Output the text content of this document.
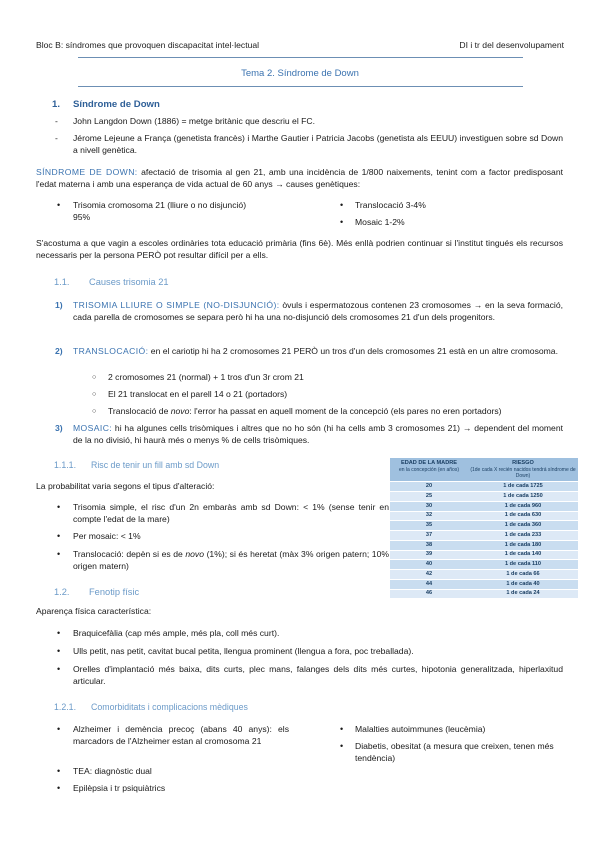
Bloc B: síndromes que provoquen discapacitat intel·lectual	DI i tr del desenvolupament
Tema 2. Síndrome de Down
1. Síndrome de Down
- John Langdon Down (1886) = metge britànic que descriu el FC.
- Jérome Lejeune a França (genetista francès) i Marthe Gautier i Patricia Jacobs (genetista als EEUU) investiguen sobre sd Down a nivell genètica.
SÍNDROME DE DOWN: afectació de trisomia al gen 21, amb una incidència de 1/800 naixements, tenint com a factor predisposant l'edat materna i amb una esperança de vida actual de 60 anys → causes genètiques:
• Trisomia cromosoma 21 (lliure o no disjunció)
95%
• Translocació 3-4%
• Mosaic 1-2%
S'acostuma a que vagin a escoles ordinàries tota educació primària (fins 6è). Més enllà podrien continuar si l'institut tingués els recursos necessaris per la persona PERÒ pot resultar difícil per a ells.
1.1. Causes trisomia 21
1) TRISOMIA LLIURE O SIMPLE (NO-DISJUNCIÓ): òvuls i espermatozous contenen 23 cromosomes → en la seva formació, cada parella de cromosomes se separa però hi ha una no-disjunció dels cromosomes 21 d'un dels progenitors.
2) TRANSLOCACIÓ: en el cariotip hi ha 2 cromosomes 21 PERÒ un tros d'un dels cromosomes 21 està en un altre cromosoma.
○ 2 cromosomes 21 (normal) + 1 tros d'un 3r crom 21
○ El 21 translocat en el parell 14 o 21 (portadors)
○ Translocació de novo: l'error ha passat en aquell moment de la concepció (els pares no eren portadors)
3) MOSAIC: hi ha algunes cells trisòmiques i altres que no ho són (hi ha cells amb 3 cromosomes 21) → dependent del moment de la no divisió, hi haurà més o menys % de cells trisòmiques.
1.1.1. Risc de tenir un fill amb sd Down
La probabilitat varia segons el tipus d'alteració:
• Trisomia simple, el risc d'un 2n embaràs amb sd Down: < 1% (sense tenir en compte l'edat de la mare)
• Per mosaic: < 1%
• Translocació: depèn si es de novo (1%); si és heretat (màx 3% origen patern; 10% origen matern)
EDAD DE LA MADRE
en la concepción (en años)	RIESGO
(1de cada X recién nacidos tendrá síndrome de Down)

20	1 de cada 1725
25	1 de cada 1250
30	1 de cada 960
32	1 de cada 630
35	1 de cada 360
37	1 de cada 233
38	1 de cada 180
39	1 de cada 140
40	1 de cada 110
42	1 de cada 66
44	1 de cada 40
46	1 de cada 24
1.2. Fenotip físic
Aparença física característica:
• Braquicefàlia (cap més ample, més pla, coll més curt).
• Ulls petit, nas petit, cavitat bucal petita, llengua prominent (llengua a fora, poc treballada).
• Orelles d'implantació més baixa, dits curts, plec mans, falanges dels dits més curtes, hipotonia generalitzada, hiperlaxitud articular.
1.2.1. Comorbiditats i complicacions mèdiques
• Alzheimer i demència precoç (abans 40 anys): els marcadors de l'Alzheimer estan al cromosoma 21
• TEA: diagnòstic dual
• Epilèpsia i tr psiquiàtrics
• Malalties autoimmunes (leucèmia)
• Diabetis, obesitat (a mesura que creixen, tenen més tendència)
